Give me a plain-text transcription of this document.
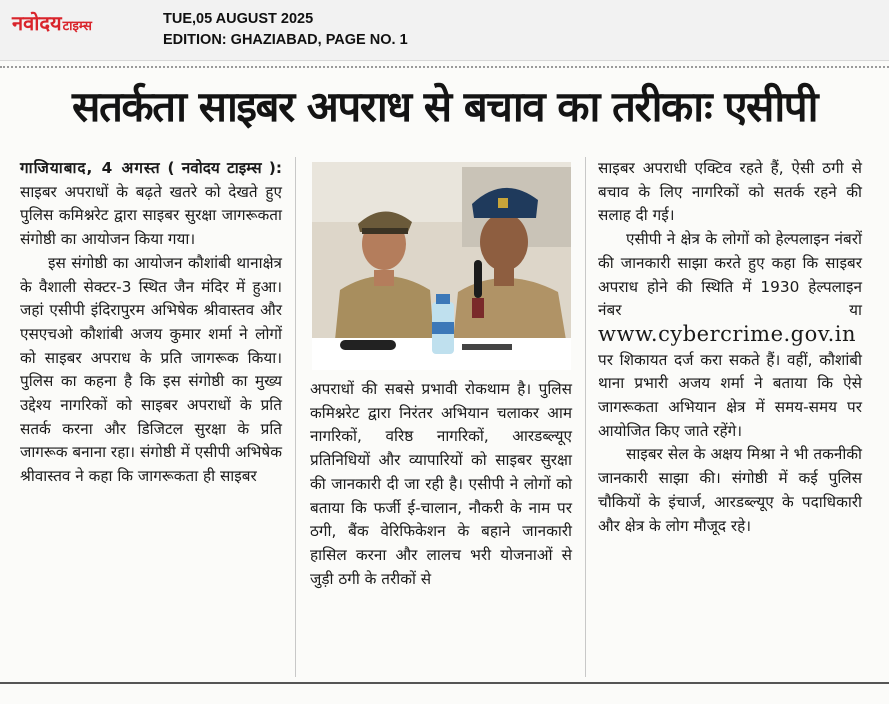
नवोदयटाइम्स	TUE,05 AUGUST 2025
EDITION: GHAZIABAD, PAGE NO. 1
सतर्कता साइबर अपराध से बचाव का तरीकाः एसीपी

गाजियाबाद, 4 अगस्त ( नवोदय टाइम्स ): साइबर अपराधों के बढ़ते खतरे को देखते हुए पुलिस कमिश्नरेट द्वारा साइबर सुरक्षा जागरूकता संगोष्ठी का आयोजन किया गया।

इस संगोष्ठी का आयोजन कौशांबी थानाक्षेत्र के वैशाली सेक्टर-3 स्थित जैन मंदिर में हुआ। जहां एसीपी इंदिरापुरम अभिषेक श्रीवास्तव और एसएचओ कौशांबी अजय कुमार शर्मा ने लोगों को साइबर अपराध के प्रति जागरूक किया। पुलिस का कहना है कि इस संगोष्ठी का मुख्य उद्देश्य नागरिकों को साइबर अपराधों के प्रति सतर्क करना और डिजिटल सुरक्षा के प्रति जागरूक बनाना रहा। संगोष्ठी में एसीपी अभिषेक श्रीवास्तव ने कहा कि जागरूकता ही साइबर

अपराधों की सबसे प्रभावी रोकथाम है। पुलिस कमिश्नरेट द्वारा निरंतर अभियान चलाकर आम नागरिकों, वरिष्ठ नागरिकों, आरडब्ल्यूए प्रतिनिधियों और व्यापारियों को साइबर सुरक्षा की जानकारी दी जा रही है। एसीपी ने लोगों को बताया कि फर्जी ई-चालान, नौकरी के नाम पर ठगी, बैंक वेरिफिकेशन के बहाने जानकारी हासिल करना और लालच भरी योजनाओं से जुड़ी ठगी के तरीकों से

साइबर अपराधी एक्टिव रहते हैं, ऐसी ठगी से बचाव के लिए नागरिकों को सतर्क रहने की सलाह दी गई।

एसीपी ने क्षेत्र के लोगों को हेल्पलाइन नंबरों की जानकारी साझा करते हुए कहा कि साइबर अपराध होने की स्थिति में 1930 हेल्पलाइन नंबर या www.cybercrime.gov.in पर शिकायत दर्ज करा सकते हैं। वहीं, कौशांबी थाना प्रभारी अजय शर्मा ने बताया कि ऐसे जागरूकता अभियान क्षेत्र में समय-समय पर आयोजित किए जाते रहेंगे।

साइबर सेल के अक्षय मिश्रा ने भी तकनीकी जानकारी साझा की। संगोष्ठी में कई पुलिस चौकियों के इंचार्ज, आरडब्ल्यूए के पदाधिकारी और क्षेत्र के लोग मौजूद रहे।
